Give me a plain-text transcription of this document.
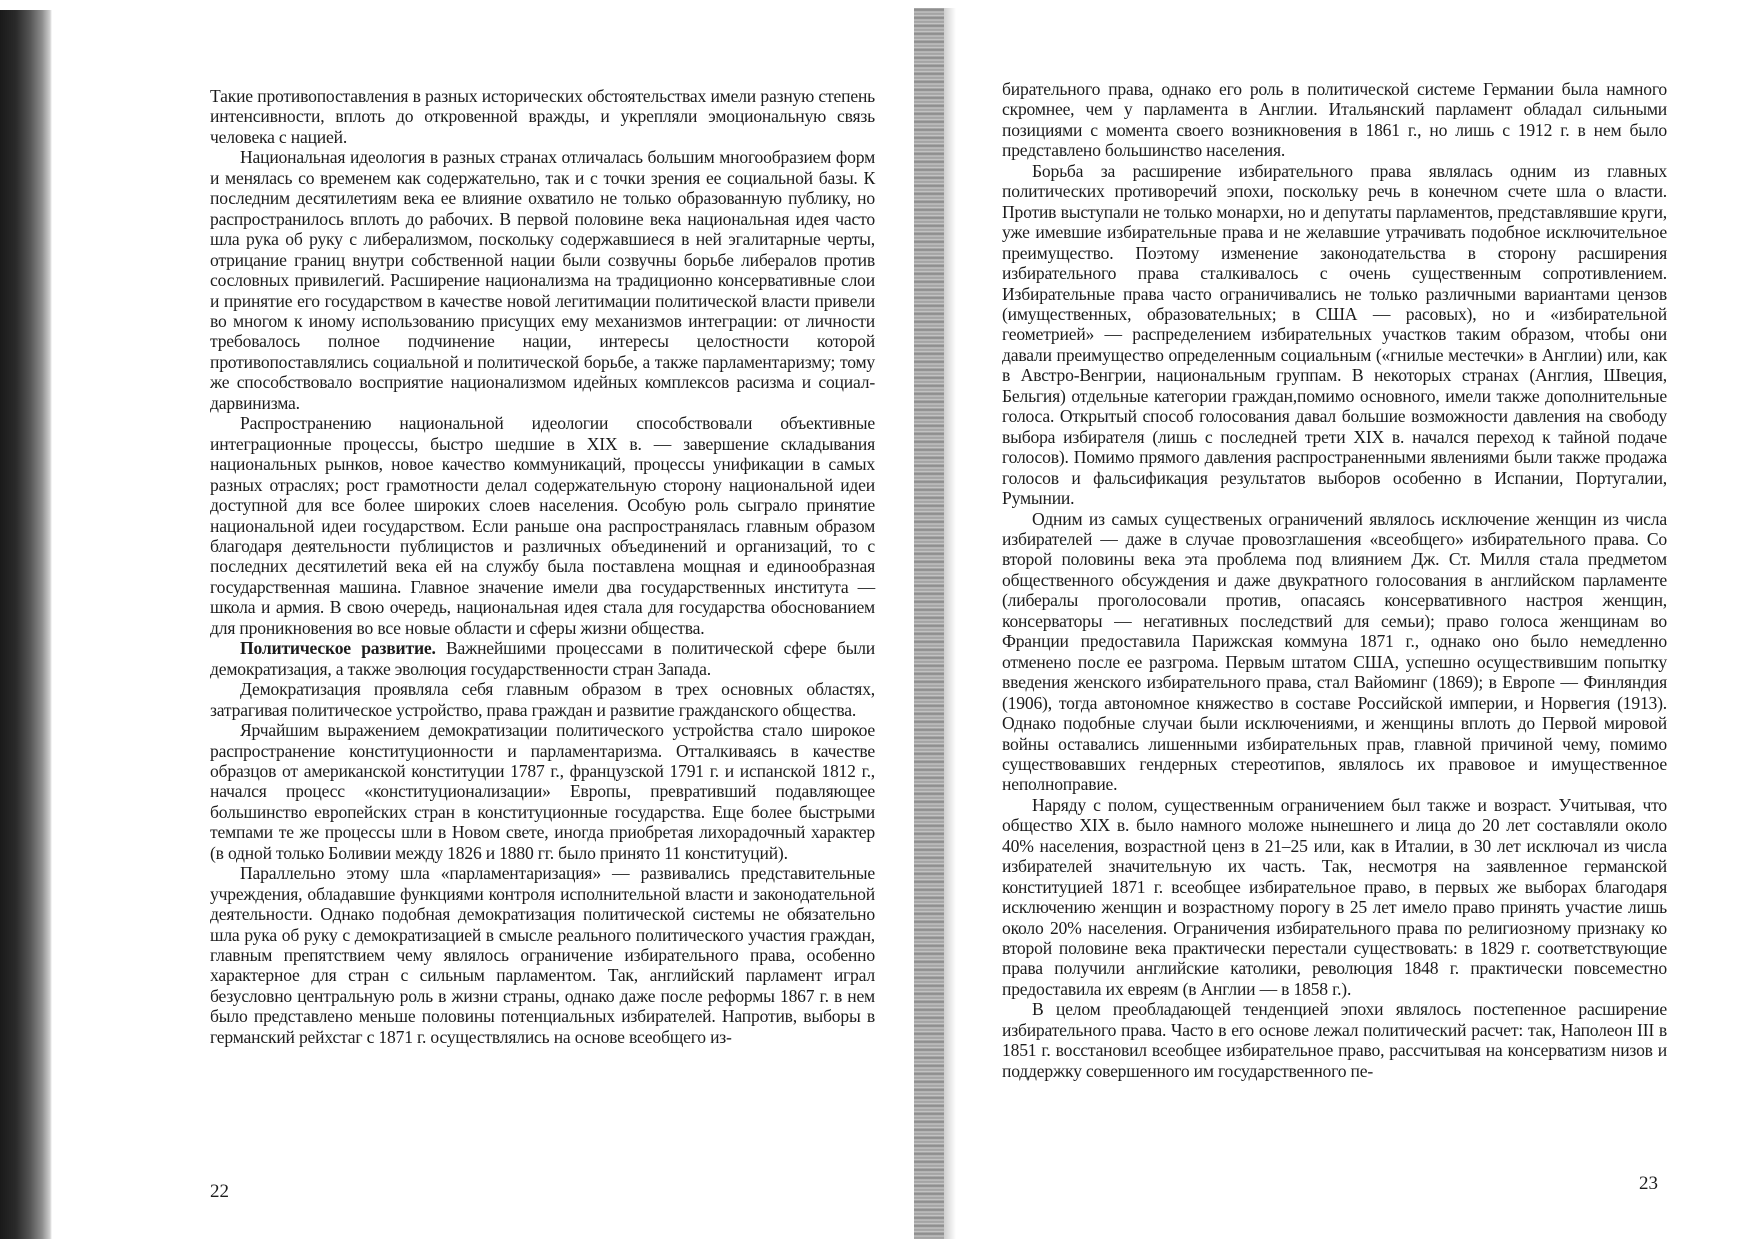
Такие противопоставления в разных исторических обстоятельствах имели разную степень интенсивности, вплоть до откровенной вражды, и укрепляли эмоциональную связь человека с нацией.

Национальная идеология в разных странах отличалась большим многообразием форм и менялась со временем как содержательно, так и с точки зрения ее социальной базы. К последним десятилетиям века ее влияние охватило не только образованную публику, но распространилось вплоть до рабочих. В первой половине века национальная идея часто шла рука об руку с либерализмом, поскольку содержавшиеся в ней эгалитарные черты, отрицание границ внутри собственной нации были созвучны борьбе либералов против сословных привилегий. Расширение национализма на традиционно консервативные слои и принятие его государством в качестве новой легитимации политической власти привели во многом к иному использованию присущих ему механизмов интеграции: от личности требовалось полное подчинение нации, интересы целостности которой противопоставлялись социальной и политической борьбе, а также парламентаризму; тому же способствовало восприятие национализмом идейных комплексов расизма и социал-дарвинизма.

Распространению национальной идеологии способствовали объективные интеграционные процессы, быстро шедшие в XIX в. — завершение складывания национальных рынков, новое качество коммуникаций, процессы унификации в самых разных отраслях; рост грамотности делал содержательную сторону национальной идеи доступной для все более широких слоев населения. Особую роль сыграло принятие национальной идеи государством. Если раньше она распространялась главным образом благодаря деятельности публицистов и различных объединений и организаций, то с последних десятилетий века ей на службу была поставлена мощная и единообразная государственная машина. Главное значение имели два государственных института — школа и армия. В свою очередь, национальная идея стала для государства обоснованием для проникновения во все новые области и сферы жизни общества.

Политическое развитие. Важнейшими процессами в политической сфере были демократизация, а также эволюция государственности стран Запада.

Демократизация проявляла себя главным образом в трех основных областях, затрагивая политическое устройство, права граждан и развитие гражданского общества.

Ярчайшим выражением демократизации политического устройства стало широкое распространение конституционности и парламентаризма. Отталкиваясь в качестве образцов от американской конституции 1787 г., французской 1791 г. и испанской 1812 г., начался процесс «конституционализации» Европы, превративший подавляющее большинство европейских стран в конституционные государства. Еще более быстрыми темпами те же процессы шли в Новом свете, иногда приобретая лихорадочный характер (в одной только Боливии между 1826 и 1880 гг. было принято 11 конституций).

Параллельно этому шла «парламентаризация» — развивались представительные учреждения, обладавшие функциями контроля исполнительной власти и законодательной деятельности. Однако подобная демократизация политической системы не обязательно шла рука об руку с демократизацией в смысле реального политического участия граждан, главным препятствием чему являлось ограничение избирательного права, особенно характерное для стран с сильным парламентом. Так, английский парламент играл безусловно центральную роль в жизни страны, однако даже после реформы 1867 г. в нем было представлено меньше половины потенциальных избирателей. Напротив, выборы в германский рейхстаг с 1871 г. осуществлялись на основе всеобщего из-

22

бирательного права, однако его роль в политической системе Германии была намного скромнее, чем у парламента в Англии. Итальянский парламент обладал сильными позициями с момента своего возникновения в 1861 г., но лишь с 1912 г. в нем было представлено большинство населения.

Борьба за расширение избирательного права являлась одним из главных политических противоречий эпохи, поскольку речь в конечном счете шла о власти. Против выступали не только монархи, но и депутаты парламентов, представлявшие круги, уже имевшие избирательные права и не желавшие утрачивать подобное исключительное преимущество. Поэтому изменение законодательства в сторону расширения избирательного права сталкивалось с очень существенным сопротивлением. Избирательные права часто ограничивались не только различными вариантами цензов (имущественных, образовательных; в США — расовых), но и «избирательной геометрией» — распределением избирательных участков таким образом, чтобы они давали преимущество определенным социальным («гнилые местечки» в Англии) или, как в Австро-Венгрии, национальным группам. В некоторых странах (Англия, Швеция, Бельгия) отдельные категории граждан,помимо основного, имели также дополнительные голоса. Открытый способ голосования давал большие возможности давления на свободу выбора избирателя (лишь с последней трети XIX в. начался переход к тайной подаче голосов). Помимо прямого давления распространенными явлениями были также продажа голосов и фальсификация результатов выборов особенно в Испании, Португалии, Румынии.

Одним из самых существеных ограничений являлось исключение женщин из числа избирателей — даже в случае провозглашения «всеобщего» избирательного права. Со второй половины века эта проблема под влиянием Дж. Ст. Милля стала предметом общественного обсуждения и даже двукратного голосования в английском парламенте (либералы проголосовали против, опасаясь консервативного настроя женщин, консерваторы — негативных последствий для семьи); право голоса женщинам во Франции предоставила Парижская коммуна 1871 г., однако оно было немедленно отменено после ее разгрома. Первым штатом США, успешно осуществившим попытку введения женского избирательного права, стал Вайоминг (1869); в Европе — Финляндия (1906), тогда автономное княжество в составе Российской империи, и Норвегия (1913). Однако подобные случаи были исключениями, и женщины вплоть до Первой мировой войны оставались лишенными избирательных прав, главной причиной чему, помимо существовавших гендерных стереотипов, являлось их правовое и имущественное неполноправие.

Наряду с полом, существенным ограничением был также и возраст. Учитывая, что общество XIX в. было намного моложе нынешнего и лица до 20 лет составляли около 40% населения, возрастной ценз в 21–25 или, как в Италии, в 30 лет исключал из числа избирателей значительную их часть. Так, несмотря на заявленное германской конституцией 1871 г. всеобщее избирательное право, в первых же выборах благодаря исключению женщин и возрастному порогу в 25 лет имело право принять участие лишь около 20% населения. Ограничения избирательного права по религиозному признаку ко второй половине века практически перестали существовать: в 1829 г. соответствующие права получили английские католики, революция 1848 г. практически повсеместно предоставила их евреям (в Англии — в 1858 г.).

В целом преобладающей тенденцией эпохи являлось постепенное расширение избирательного права. Часто в его основе лежал политический расчет: так, Наполеон III в 1851 г. восстановил всеобщее избирательное право, рассчитывая на консерватизм низов и поддержку совершенного им государственного пе-

23
